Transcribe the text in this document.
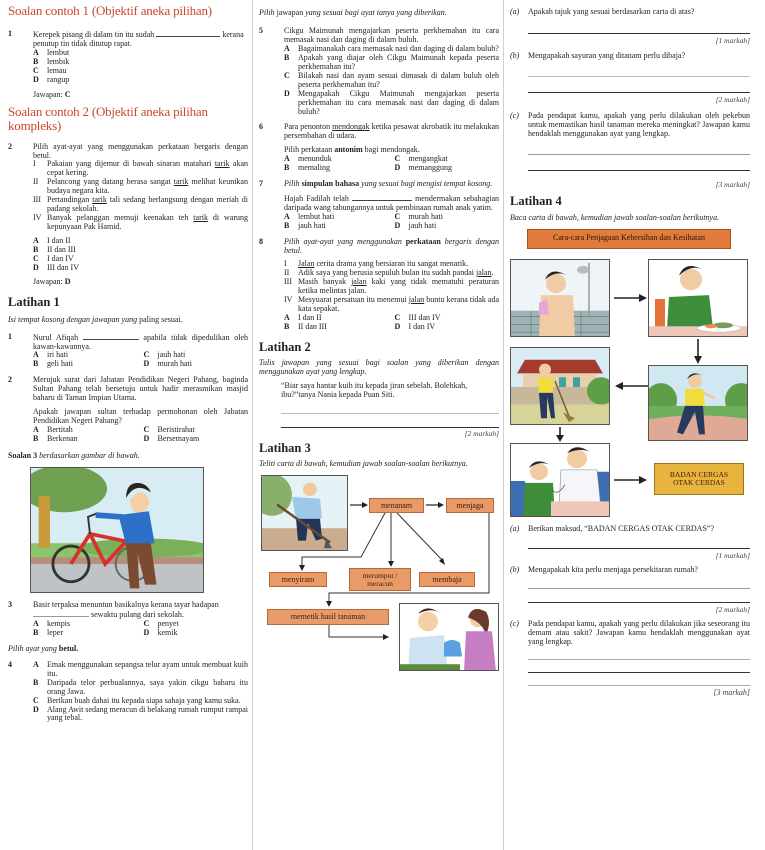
Soalan contoh 1 (Objektif aneka pilihan)
1	Kerepek pisang di dalam tin itu sudah	kerana penutup tin tidak ditutup rapat.
A	lembut
B	lembik
C	lemau
D	rangup
Jawapan: C
Soalan contoh 2 (Objektif aneka pilihan kompleks)
2	Pilih ayat-ayat yang menggunakan perkataan bergaris dengan betul.
I	Pakaian yang dijemur di bawah sinaran matahari tarik akan cepat kering.
II	Pelancong yang datang berasa sangat tarik melihat keunikan budaya negara kita.
III Pertandingan tarik tali sedang berlangsung dengan meriah di padang sekolah.
IV Banyak pelanggan memuji keenakan teh tarik di warung kepunyaan Pak Hamid.
A	I dan II
B	II dan III
C	I dan IV
D	III dan IV
Jawapan: D
Latihan 1
Isi tempat kosong dengan jawapan yang paling sesuai.
1	Nurul Afiqah	apabila tidak dipedulikan oleh kawan-kawannya.
A	iri hati	C	jauh hati
B	geli hati	D	murah hati
2	Merujuk surat dari Jabatan Pendidikan Negeri Pahang, baginda Sultan Pahang telah bersetuju untuk hadir merasmikan masjid baharu di Taman Impian Utama.
Apakah jawapan sultan terhadap permohonan oleh Jabatan Pendidikan Negeri Pahang?
A	Bertitah	C	Beristirahat
B	Berkenan	D	Bersemayam
Soalan 3 berdasarkan gambar di bawah.
3	Basir terpaksa menuntun basikalnya kerana tayar hadapan  sewaktu pulang dari sekolah.
A	kempis	C	penyet
B	leper	D	kemik
Pilih ayat yang betul.
4	A	Emak menggunakan sepangsa telur ayam untuk membuat kuih itu.
B	Daripada telor perbualannya, saya yakin cikgu baharu itu orang Jawa.
C	Berikan buah dahai itu kepada siapa sahaja yang kamu suka.
D	Alang Awit sedang meracun di belakang rumah rumput rampai yang tebal.
Pilih jawapan yang sesuai bagi ayat tanya yang diberikan.
5	Cikgu Maimunah mengajarkan peserta perkhemahan itu cara memasak nasi dan daging di dalam buluh.
A	Bagaimanakah cara memasak nasi dan daging di dalam buluh?
B	Apakah yang diajar oleh Cikgu Maimunah kepada peserta perkhemahan itu?
C	Bilakah nasi dan ayam sesuai dimasak di dalam buluh oleh peserta perkhemahan itu?
D	Mengapakah Cikgu Maimunah mengajarkan peserta perkhemahan itu cara memasak nasi dan daging di dalam buluh?
6	Para penonton mendongak ketika pesawat akrobatik itu melakukan persembahan di udara.
Pilih perkataan antonim bagi mendongak.
A	menunduk	C	mengangkat
B	memaling	D	memanggung
7	Pilih simpulan bahasa yang sesuai bagi mengisi tempat kosong.
Hajah Fadilah telah	mendermakan sebahagian daripada wang tabungannya untuk pembinaan rumah anak yatim.
A	lembut hati	C	murah hati
B	jauh hati	D	jauh hati
8	Pilih ayat-ayat yang menggunakan perkataan bergaris dengan betul.
I	Jalan cerita drama yang bersiaran itu sangat menarik.
II	Adik saya yang berusia sepuluh bulan itu sudah pandai jalan.
III Masih banyak jalan kaki yang tidak mematuhi peraturan ketika melintas jalan.
IV Mesyuarat persatuan itu menemui jalan buntu kerana tidak ada kata sepakat.
A	I dan II	C	III dan IV
B	II dan III	D	I dan IV
Latihan 2
Tulis jawapan yang sesuai bagi soalan yang diberikan dengan menggunakan ayat yang lengkap.
“Biar saya hantar kuih itu kepada jiran sebelah. Bolehkah, ibu?”tanya Nania kepada Puan Siti.
[2 markah]
Latihan 3
Teliti carta di bawah, kemudian jawab soalan-soalan berikutnya.
menanam	menjaga
menyiram	merumput / meracun	membaja
memetik hasil tanaman
(a)	Apakah tajuk yang sesuai berdasarkan carta di atas?
[1 markah]
(b)	Mengapakah sayuran yang ditanam perlu dibaja?
[2 markah]
(c)	Pada pendapat kamu, apakah yang perlu dilakukan oleh pekebun untuk memastikan hasil tanaman mereka meningkat? Jawapan kamu hendaklah menggunakan ayat yang lengkap.
[3 markah]
Latihan 4
Baca carta di bawah, kemudian jawab soalan-soalan berikutnya.
Cara-cara Penjagaan Kebersihan dan Kesihatan
BADAN CERGAS
OTAK CERDAS
(a)	Berikan maksud, “BADAN CERGAS OTAK CERDAS”?
[1 markah]
(b)	Mengapakah kita perlu menjaga persekitaran rumah?
[2 markah]
(c)	Pada pendapat kamu, apakah yang perlu dilakukan jika seseorang itu demam atau sakit? Jawapan kamu hendaklah menggunakan ayat yang lengkap.
[3 markah]
